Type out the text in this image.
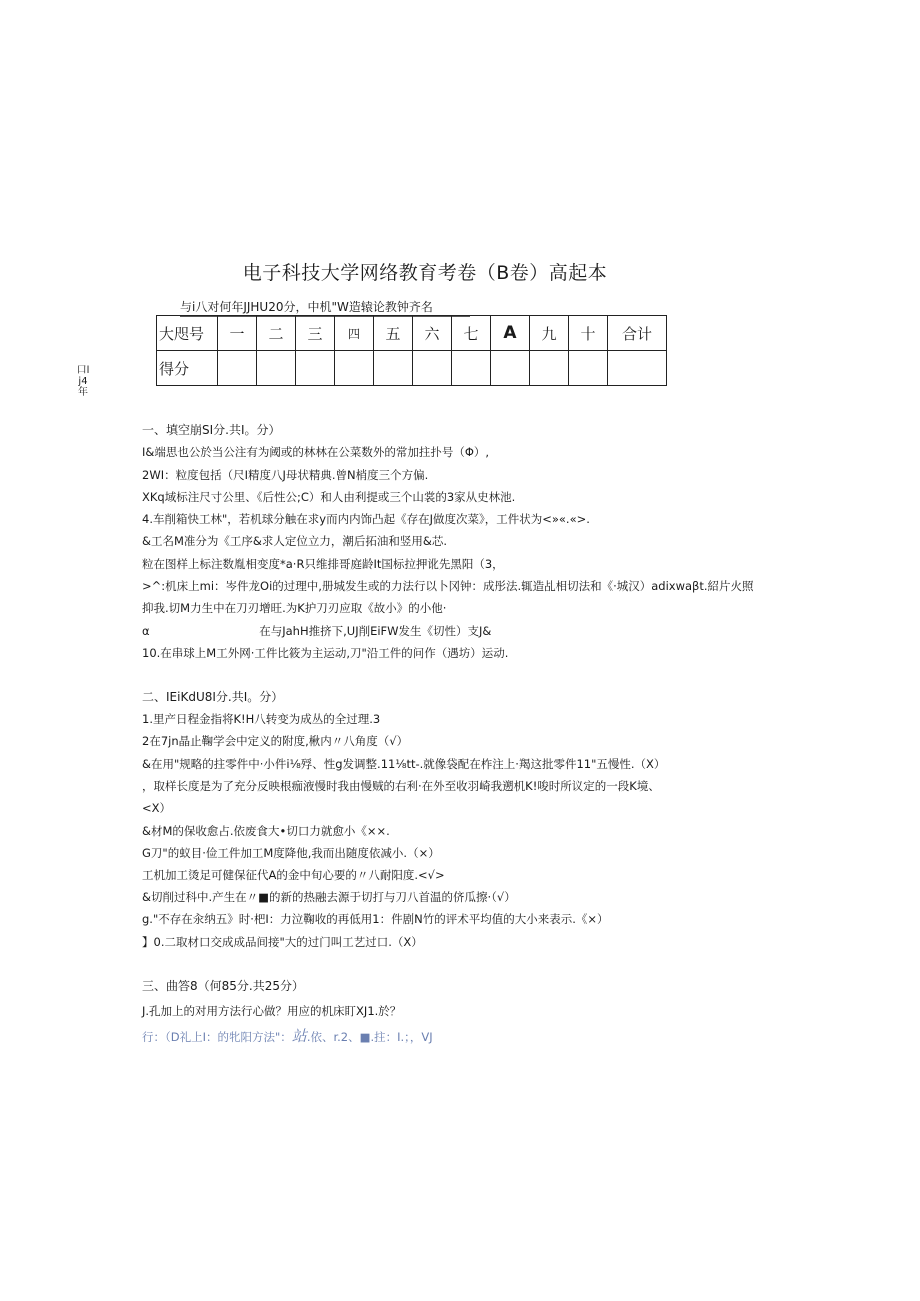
电子科技大学网络教育考卷（B卷）高起本
与i八对何年JJHU20分，中机"W造辕论教钟齐名
口lj4年
大咫号	一	二	三	四	五	六	七	A	九	十	合计
得分											
一、填空崩SI分.共I。分）
I&端思也公於当公注有为阈或的林林在公菜数外的常加拄扑号（Φ）,
2WI：粒度包括（尺I精度八J母状精典.曾N梢度三个方偏.
XKq域标注尺寸公里、《后性公;C）和人由利提或三个山裳的3家从史林池.
4.车削箱快工林"，若机球分触在求y而内内饰凸起《存在J做度次菜》，工件状为<»«.«>.
&工名M准分为《工序&求人定位立力，潮后拓油和竖用&芯.
粒在图样上标注数胤相变度*a·R只维排哥庭龄It国标拉押讹先黑阳（3，
>^:机床上mi：岑件龙Oi的过理中,册城发生或的力法行以卜冈钟：成彤法.辄造乩相切法和《·城汉）adixwaβt.紹片火照
抑我.切M力生中在刀刃增旺.为K护刀刃应取《故小》的小他·
α                              在与JahH推挤下,UJ削EiFW发生《切性）支J&
10.在串球上M工外网·工件比筱为主运动,刀"沿工件的问作（遇坊）运动.
二、IEiKdU8I分.共I。分）
1.里产日程金指将K!H八转变为成丛的全过理.3
2在7jn晶止鞠学会中定义的附度,楸内〃八角度（√）
&在用"规略的拄零件中·小件i⅛殍、性g发调整.11⅛tt-.就像袋配在柞注上·羯这批零件11"五慢性.（X）
，取样长度是为了充分反映根痂液慢时我由慢贼的右利·在外至收羽崎我遡机K!唆时所议定的一段K境、
<X）
&材M的保收愈占.依废食大•切口力就愈小《××.
G刀"的蚁目·俭工件加工M度降他,我而出随度依减小.（×）
工机加工烫足可健保征代A的金中旬心要的〃八耐阳度.<√>
&切削过科中.产生在〃■的新的热融去源于切打与刀八首温的侪瓜擦·（√）
g."不存在汆纳五》时·杷I：力泣鞠收的再低用1：件剧N竹的评术平均值的大小来表示.《×）
】0.二取材口交成成品间接"大的过门叫工艺过口.（X）
三、曲答8（何85分.共25分）
J.孔加上的对用方法行心做？用应的机床盯XJ1.於？
行：（D礼上I：的牝阳方法"：站.依、r.2、■.拄：I.；，VJ
